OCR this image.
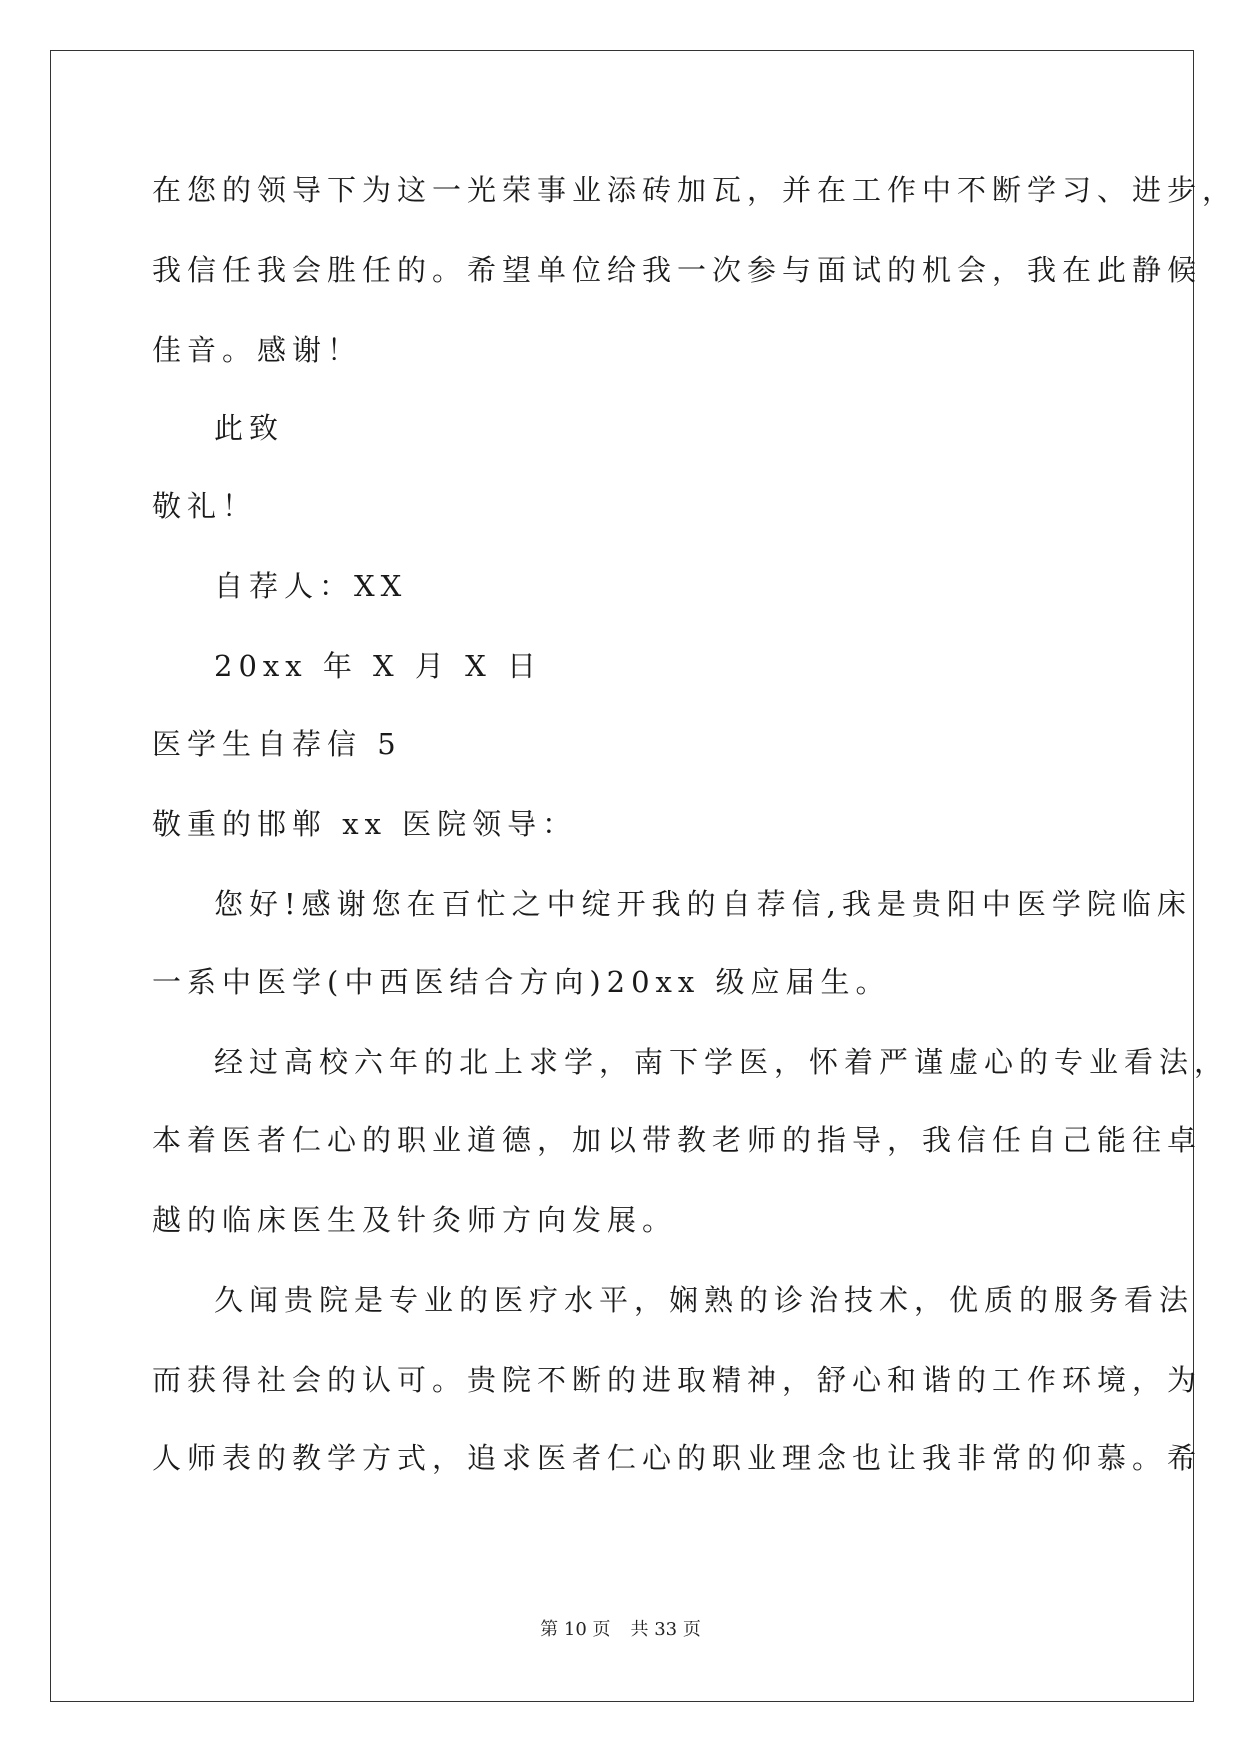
在您的领导下为这一光荣事业添砖加瓦，并在工作中不断学习、进步，
我信任我会胜任的。希望单位给我一次参与面试的机会，我在此静候
佳音。感谢！
此致
敬礼！
自荐人：XX
20xx 年 X 月 X 日
医学生自荐信 5
敬重的邯郸 xx 医院领导：
您好!感谢您在百忙之中绽开我的自荐信,我是贵阳中医学院临床
一系中医学(中西医结合方向)20xx 级应届生。
经过高校六年的北上求学，南下学医，怀着严谨虚心的专业看法，
本着医者仁心的职业道德，加以带教老师的指导，我信任自己能往卓
越的临床医生及针灸师方向发展。
久闻贵院是专业的医疗水平，娴熟的诊治技术，优质的服务看法
而获得社会的认可。贵院不断的进取精神，舒心和谐的工作环境，为
人师表的教学方式，追求医者仁心的职业理念也让我非常的仰慕。希
第 10 页 共 33 页
